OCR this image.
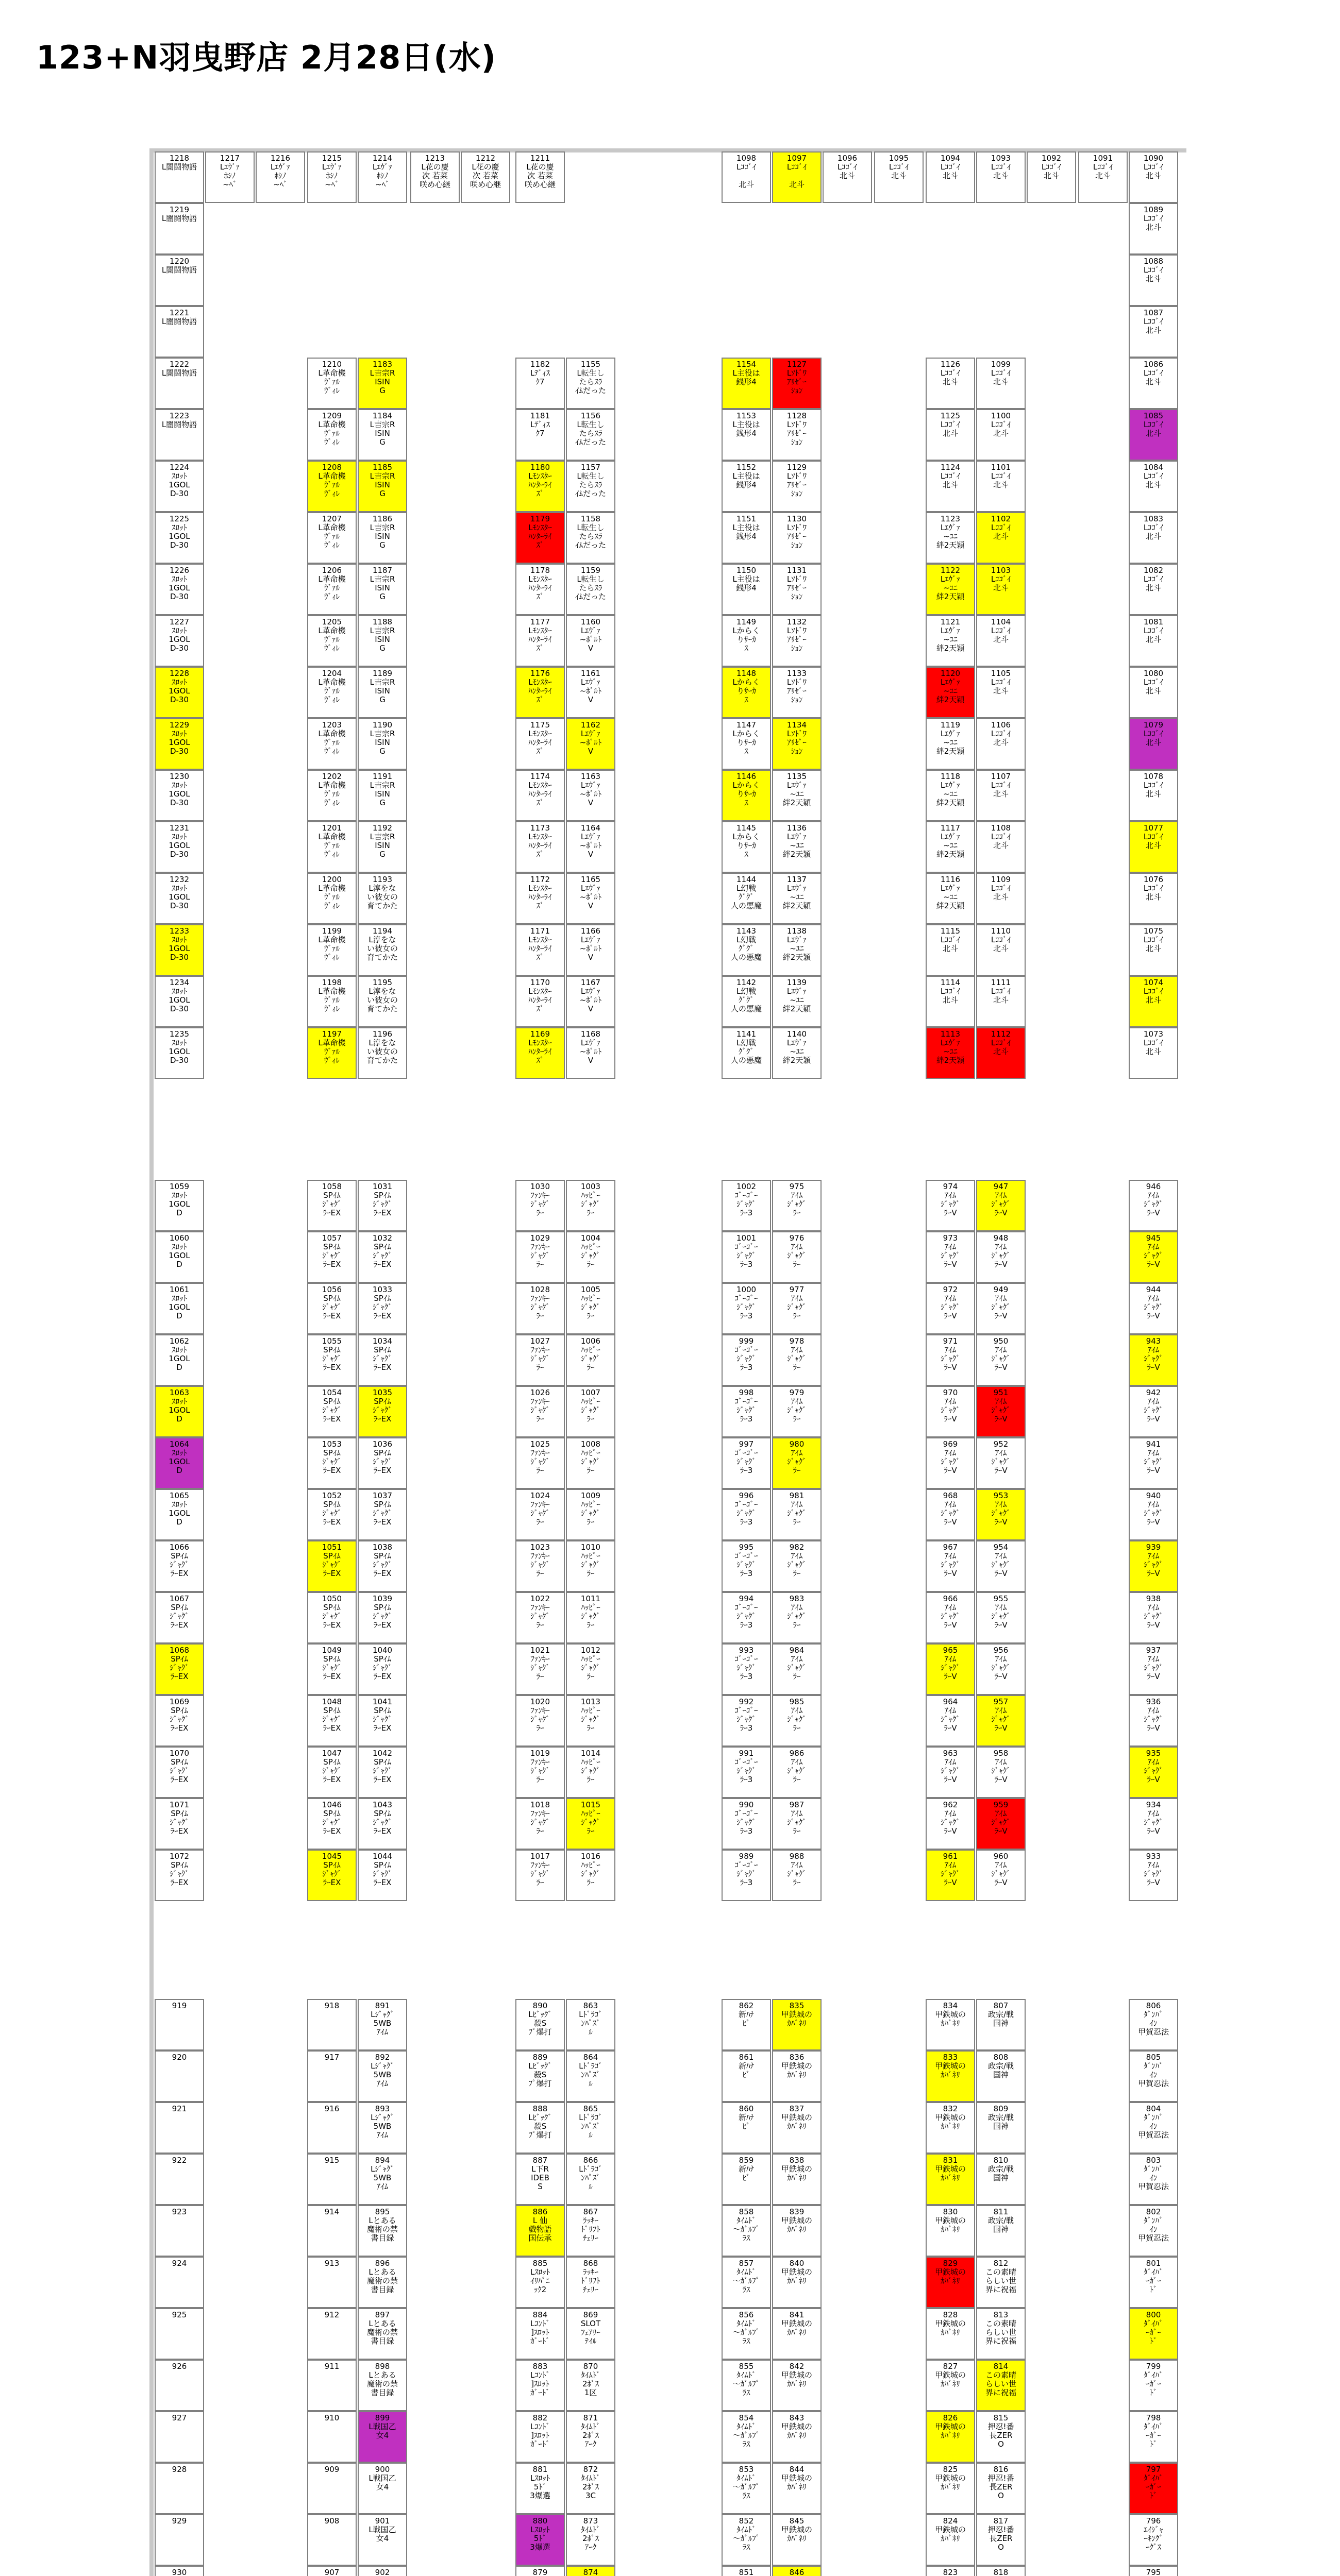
123+N羽曳野店 2月28日(水)
1218
L闇闘物語
1217
Lｴｳﾞｧ
ﾎｼﾉ
~ﾍﾞ
1216
Lｴｳﾞｧ
ﾎｼﾉ
~ﾍﾞ
1215
Lｴｳﾞｧ
ﾎｼﾉ
~ﾍﾞ
1214
Lｴｳﾞｧ
ﾎｼﾉ
~ﾍﾞ
1213
L花の慶
次 若菜
咲め心継
1212
L花の慶
次 若菜
咲め心継
1211
L花の慶
次 若菜
咲め心継
1098
Lｺｺﾞｲ

北斗
1097
Lｺｺﾞｲ

北斗
1096
Lｺｺﾞｲ
北斗
1095
Lｺｺﾞｲ
北斗
1094
Lｺｺﾞｲ
北斗
1093
Lｺｺﾞｲ
北斗
1092
Lｺｺﾞｲ
北斗
1091
Lｺｺﾞｲ
北斗
1090
Lｺｺﾞｲ
北斗
1219
L闇闘物語
1220
L闇闘物語
1221
L闇闘物語
1222
L闇闘物語
1223
L闇闘物語
1224
ｽﾛｯﾄ
1GOL
D-30
1225
ｽﾛｯﾄ
1GOL
D-30
1226
ｽﾛｯﾄ
1GOL
D-30
1227
ｽﾛｯﾄ
1GOL
D-30
1228
ｽﾛｯﾄ
1GOL
D-30
1229
ｽﾛｯﾄ
1GOL
D-30
1230
ｽﾛｯﾄ
1GOL
D-30
1231
ｽﾛｯﾄ
1GOL
D-30
1232
ｽﾛｯﾄ
1GOL
D-30
1233
ｽﾛｯﾄ
1GOL
D-30
1234
ｽﾛｯﾄ
1GOL
D-30
1235
ｽﾛｯﾄ
1GOL
D-30
1089
Lｺｺﾞｲ
北斗
1088
Lｺｺﾞｲ
北斗
1087
Lｺｺﾞｲ
北斗
1086
Lｺｺﾞｲ
北斗
1085
Lｺｺﾞｲ
北斗
1084
Lｺｺﾞｲ
北斗
1083
Lｺｺﾞｲ
北斗
1082
Lｺｺﾞｲ
北斗
1081
Lｺｺﾞｲ
北斗
1080
Lｺｺﾞｲ
北斗
1079
Lｺｺﾞｲ
北斗
1078
Lｺｺﾞｲ
北斗
1077
Lｺｺﾞｲ
北斗
1076
Lｺｺﾞｲ
北斗
1075
Lｺｺﾞｲ
北斗
1074
Lｺｺﾞｲ
北斗
1073
Lｺｺﾞｲ
北斗
1210
L革命機
ｳﾞｧﾙ
ｳﾞｨﾚ
1183
L吉宗R
ISIN
G
1209
L革命機
ｳﾞｧﾙ
ｳﾞｨﾚ
1184
L吉宗R
ISIN
G
1208
L革命機
ｳﾞｧﾙ
ｳﾞｨﾚ
1185
L吉宗R
ISIN
G
1207
L革命機
ｳﾞｧﾙ
ｳﾞｨﾚ
1186
L吉宗R
ISIN
G
1206
L革命機
ｳﾞｧﾙ
ｳﾞｨﾚ
1187
L吉宗R
ISIN
G
1205
L革命機
ｳﾞｧﾙ
ｳﾞｨﾚ
1188
L吉宗R
ISIN
G
1204
L革命機
ｳﾞｧﾙ
ｳﾞｨﾚ
1189
L吉宗R
ISIN
G
1203
L革命機
ｳﾞｧﾙ
ｳﾞｨﾚ
1190
L吉宗R
ISIN
G
1202
L革命機
ｳﾞｧﾙ
ｳﾞｨﾚ
1191
L吉宗R
ISIN
G
1201
L革命機
ｳﾞｧﾙ
ｳﾞｨﾚ
1192
L吉宗R
ISIN
G
1200
L革命機
ｳﾞｧﾙ
ｳﾞｨﾚ
1193
L淳をな
い彼女の
育てかた
1199
L革命機
ｳﾞｧﾙ
ｳﾞｨﾚ
1194
L淳をな
い彼女の
育てかた
1198
L革命機
ｳﾞｧﾙ
ｳﾞｨﾚ
1195
L淳をな
い彼女の
育てかた
1197
L革命機
ｳﾞｧﾙ
ｳﾞｨﾚ
1196
L淳をな
い彼女の
育てかた
1182
Lﾃﾞｨｽ
ｸ7
1155
L転生し
たらｽﾗ
ｲﾑだった
1181
Lﾃﾞｨｽ
ｸ7
1156
L転生し
たらｽﾗ
ｲﾑだった
1180
Lﾓﾝｽﾀｰ
ﾊﾝﾀｰﾗｲ
ｽﾞ
1157
L転生し
たらｽﾗ
ｲﾑだった
1179
Lﾓﾝｽﾀｰ
ﾊﾝﾀｰﾗｲ
ｽﾞ
1158
L転生し
たらｽﾗ
ｲﾑだった
1178
Lﾓﾝｽﾀｰ
ﾊﾝﾀｰﾗｲ
ｽﾞ
1159
L転生し
たらｽﾗ
ｲﾑだった
1177
Lﾓﾝｽﾀｰ
ﾊﾝﾀｰﾗｲ
ｽﾞ
1160
Lｴｳﾞｧ
~ﾎﾞﾙﾄ
V
1176
Lﾓﾝｽﾀｰ
ﾊﾝﾀｰﾗｲ
ｽﾞ
1161
Lｴｳﾞｧ
~ﾎﾞﾙﾄ
V
1175
Lﾓﾝｽﾀｰ
ﾊﾝﾀｰﾗｲ
ｽﾞ
1162
Lｴｳﾞｧ
~ﾎﾞﾙﾄ
V
1174
Lﾓﾝｽﾀｰ
ﾊﾝﾀｰﾗｲ
ｽﾞ
1163
Lｴｳﾞｧ
~ﾎﾞﾙﾄ
V
1173
Lﾓﾝｽﾀｰ
ﾊﾝﾀｰﾗｲ
ｽﾞ
1164
Lｴｳﾞｧ
~ﾎﾞﾙﾄ
V
1172
Lﾓﾝｽﾀｰ
ﾊﾝﾀｰﾗｲ
ｽﾞ
1165
Lｴｳﾞｧ
~ﾎﾞﾙﾄ
V
1171
Lﾓﾝｽﾀｰ
ﾊﾝﾀｰﾗｲ
ｽﾞ
1166
Lｴｳﾞｧ
~ﾎﾞﾙﾄ
V
1170
Lﾓﾝｽﾀｰ
ﾊﾝﾀｰﾗｲ
ｽﾞ
1167
Lｴｳﾞｧ
~ﾎﾞﾙﾄ
V
1169
Lﾓﾝｽﾀｰ
ﾊﾝﾀｰﾗｲ
ｽﾞ
1168
Lｴｳﾞｧ
~ﾎﾞﾙﾄ
V
1154
L主役は
銭形4
1127
Lｿﾄﾞﾜ
ｱﾘｾﾞｰ
ｼｮﾝ
1153
L主役は
銭形4
1128
Lｿﾄﾞﾜ
ｱﾘｾﾞｰ
ｼｮﾝ
1152
L主役は
銭形4
1129
Lｿﾄﾞﾜ
ｱﾘｾﾞｰ
ｼｮﾝ
1151
L主役は
銭形4
1130
Lｿﾄﾞﾜ
ｱﾘｾﾞｰ
ｼｮﾝ
1150
L主役は
銭形4
1131
Lｿﾄﾞﾜ
ｱﾘｾﾞｰ
ｼｮﾝ
1149
Lからく
りｻｰｶ
ｽ
1132
Lｿﾄﾞﾜ
ｱﾘｾﾞｰ
ｼｮﾝ
1148
Lからく
りｻｰｶ
ｽ
1133
Lｿﾄﾞﾜ
ｱﾘｾﾞｰ
ｼｮﾝ
1147
Lからく
りｻｰｶ
ｽ
1134
Lｿﾄﾞﾜ
ｱﾘｾﾞｰ
ｼｮﾝ
1146
Lからく
りｻｰｶ
ｽ
1135
Lｴｳﾞｧ
~ﾕﾆ
絆2天穎
1145
Lからく
りｻｰｶ
ｽ
1136
Lｴｳﾞｧ
~ﾕﾆ
絆2天穎
1144
L幻戦
ｸﾞｸﾞ
人の悪魔
1137
Lｴｳﾞｧ
~ﾕﾆ
絆2天穎
1143
L幻戦
ｸﾞｸﾞ
人の悪魔
1138
Lｴｳﾞｧ
~ﾕﾆ
絆2天穎
1142
L幻戦
ｸﾞｸﾞ
人の悪魔
1139
Lｴｳﾞｧ
~ﾕﾆ
絆2天穎
1141
L幻戦
ｸﾞｸﾞ
人の悪魔
1140
Lｴｳﾞｧ
~ﾕﾆ
絆2天穎
1126
Lｺｺﾞｲ
北斗
1099
Lｺｺﾞｲ
北斗
1125
Lｺｺﾞｲ
北斗
1100
Lｺｺﾞｲ
北斗
1124
Lｺｺﾞｲ
北斗
1101
Lｺｺﾞｲ
北斗
1123
Lｴｳﾞｧ
~ﾕﾆ
絆2天穎
1102
Lｺｺﾞｲ
北斗
1122
Lｴｳﾞｧ
~ﾕﾆ
絆2天穎
1103
Lｺｺﾞｲ
北斗
1121
Lｴｳﾞｧ
~ﾕﾆ
絆2天穎
1104
Lｺｺﾞｲ
北斗
1120
Lｴｳﾞｧ
~ﾕﾆ
絆2天穎
1105
Lｺｺﾞｲ
北斗
1119
Lｴｳﾞｧ
~ﾕﾆ
絆2天穎
1106
Lｺｺﾞｲ
北斗
1118
Lｴｳﾞｧ
~ﾕﾆ
絆2天穎
1107
Lｺｺﾞｲ
北斗
1117
Lｴｳﾞｧ
~ﾕﾆ
絆2天穎
1108
Lｺｺﾞｲ
北斗
1116
Lｴｳﾞｧ
~ﾕﾆ
絆2天穎
1109
Lｺｺﾞｲ
北斗
1115
Lｺｺﾞｲ
北斗
1110
Lｺｺﾞｲ
北斗
1114
Lｺｺﾞｲ
北斗
1111
Lｺｺﾞｲ
北斗
1113
Lｴｳﾞｧ
~ﾕﾆ
絆2天穎
1112
Lｺｺﾞｲ
北斗
1059
ｽﾛｯﾄ
1GOL
D
1060
ｽﾛｯﾄ
1GOL
D
1061
ｽﾛｯﾄ
1GOL
D
1062
ｽﾛｯﾄ
1GOL
D
1063
ｽﾛｯﾄ
1GOL
D
1064
ｽﾛｯﾄ
1GOL
D
1065
ｽﾛｯﾄ
1GOL
D
1066
SPｲﾑ
ｼﾞｬｸﾞ
ﾗｰEX
1067
SPｲﾑ
ｼﾞｬｸﾞ
ﾗｰEX
1068
SPｲﾑ
ｼﾞｬｸﾞ
ﾗｰEX
1069
SPｲﾑ
ｼﾞｬｸﾞ
ﾗｰEX
1070
SPｲﾑ
ｼﾞｬｸﾞ
ﾗｰEX
1071
SPｲﾑ
ｼﾞｬｸﾞ
ﾗｰEX
1072
SPｲﾑ
ｼﾞｬｸﾞ
ﾗｰEX
946
ｱｲﾑ
ｼﾞｬｸﾞ
ﾗｰV
945
ｱｲﾑ
ｼﾞｬｸﾞ
ﾗｰV
944
ｱｲﾑ
ｼﾞｬｸﾞ
ﾗｰV
943
ｱｲﾑ
ｼﾞｬｸﾞ
ﾗｰV
942
ｱｲﾑ
ｼﾞｬｸﾞ
ﾗｰV
941
ｱｲﾑ
ｼﾞｬｸﾞ
ﾗｰV
940
ｱｲﾑ
ｼﾞｬｸﾞ
ﾗｰV
939
ｱｲﾑ
ｼﾞｬｸﾞ
ﾗｰV
938
ｱｲﾑ
ｼﾞｬｸﾞ
ﾗｰV
937
ｱｲﾑ
ｼﾞｬｸﾞ
ﾗｰV
936
ｱｲﾑ
ｼﾞｬｸﾞ
ﾗｰV
935
ｱｲﾑ
ｼﾞｬｸﾞ
ﾗｰV
934
ｱｲﾑ
ｼﾞｬｸﾞ
ﾗｰV
933
ｱｲﾑ
ｼﾞｬｸﾞ
ﾗｰV
1058
SPｲﾑ
ｼﾞｬｸﾞ
ﾗｰEX
1031
SPｲﾑ
ｼﾞｬｸﾞ
ﾗｰEX
1057
SPｲﾑ
ｼﾞｬｸﾞ
ﾗｰEX
1032
SPｲﾑ
ｼﾞｬｸﾞ
ﾗｰEX
1056
SPｲﾑ
ｼﾞｬｸﾞ
ﾗｰEX
1033
SPｲﾑ
ｼﾞｬｸﾞ
ﾗｰEX
1055
SPｲﾑ
ｼﾞｬｸﾞ
ﾗｰEX
1034
SPｲﾑ
ｼﾞｬｸﾞ
ﾗｰEX
1054
SPｲﾑ
ｼﾞｬｸﾞ
ﾗｰEX
1035
SPｲﾑ
ｼﾞｬｸﾞ
ﾗｰEX
1053
SPｲﾑ
ｼﾞｬｸﾞ
ﾗｰEX
1036
SPｲﾑ
ｼﾞｬｸﾞ
ﾗｰEX
1052
SPｲﾑ
ｼﾞｬｸﾞ
ﾗｰEX
1037
SPｲﾑ
ｼﾞｬｸﾞ
ﾗｰEX
1051
SPｲﾑ
ｼﾞｬｸﾞ
ﾗｰEX
1038
SPｲﾑ
ｼﾞｬｸﾞ
ﾗｰEX
1050
SPｲﾑ
ｼﾞｬｸﾞ
ﾗｰEX
1039
SPｲﾑ
ｼﾞｬｸﾞ
ﾗｰEX
1049
SPｲﾑ
ｼﾞｬｸﾞ
ﾗｰEX
1040
SPｲﾑ
ｼﾞｬｸﾞ
ﾗｰEX
1048
SPｲﾑ
ｼﾞｬｸﾞ
ﾗｰEX
1041
SPｲﾑ
ｼﾞｬｸﾞ
ﾗｰEX
1047
SPｲﾑ
ｼﾞｬｸﾞ
ﾗｰEX
1042
SPｲﾑ
ｼﾞｬｸﾞ
ﾗｰEX
1046
SPｲﾑ
ｼﾞｬｸﾞ
ﾗｰEX
1043
SPｲﾑ
ｼﾞｬｸﾞ
ﾗｰEX
1045
SPｲﾑ
ｼﾞｬｸﾞ
ﾗｰEX
1044
SPｲﾑ
ｼﾞｬｸﾞ
ﾗｰEX
1030
ﾌｧﾝｷｰ
ｼﾞｬｸﾞ
ﾗｰ
1003
ﾊｯﾋﾟｰ
ｼﾞｬｸﾞ
ﾗｰ
1029
ﾌｧﾝｷｰ
ｼﾞｬｸﾞ
ﾗｰ
1004
ﾊｯﾋﾟｰ
ｼﾞｬｸﾞ
ﾗｰ
1028
ﾌｧﾝｷｰ
ｼﾞｬｸﾞ
ﾗｰ
1005
ﾊｯﾋﾟｰ
ｼﾞｬｸﾞ
ﾗｰ
1027
ﾌｧﾝｷｰ
ｼﾞｬｸﾞ
ﾗｰ
1006
ﾊｯﾋﾟｰ
ｼﾞｬｸﾞ
ﾗｰ
1026
ﾌｧﾝｷｰ
ｼﾞｬｸﾞ
ﾗｰ
1007
ﾊｯﾋﾟｰ
ｼﾞｬｸﾞ
ﾗｰ
1025
ﾌｧﾝｷｰ
ｼﾞｬｸﾞ
ﾗｰ
1008
ﾊｯﾋﾟｰ
ｼﾞｬｸﾞ
ﾗｰ
1024
ﾌｧﾝｷｰ
ｼﾞｬｸﾞ
ﾗｰ
1009
ﾊｯﾋﾟｰ
ｼﾞｬｸﾞ
ﾗｰ
1023
ﾌｧﾝｷｰ
ｼﾞｬｸﾞ
ﾗｰ
1010
ﾊｯﾋﾟｰ
ｼﾞｬｸﾞ
ﾗｰ
1022
ﾌｧﾝｷｰ
ｼﾞｬｸﾞ
ﾗｰ
1011
ﾊｯﾋﾟｰ
ｼﾞｬｸﾞ
ﾗｰ
1021
ﾌｧﾝｷｰ
ｼﾞｬｸﾞ
ﾗｰ
1012
ﾊｯﾋﾟｰ
ｼﾞｬｸﾞ
ﾗｰ
1020
ﾌｧﾝｷｰ
ｼﾞｬｸﾞ
ﾗｰ
1013
ﾊｯﾋﾟｰ
ｼﾞｬｸﾞ
ﾗｰ
1019
ﾌｧﾝｷｰ
ｼﾞｬｸﾞ
ﾗｰ
1014
ﾊｯﾋﾟｰ
ｼﾞｬｸﾞ
ﾗｰ
1018
ﾌｧﾝｷｰ
ｼﾞｬｸﾞ
ﾗｰ
1015
ﾊｯﾋﾟｰ
ｼﾞｬｸﾞ
ﾗｰ
1017
ﾌｧﾝｷｰ
ｼﾞｬｸﾞ
ﾗｰ
1016
ﾊｯﾋﾟｰ
ｼﾞｬｸﾞ
ﾗｰ
1002
ｺﾞｰｺﾞｰ
ｼﾞｬｸﾞ
ﾗｰ3
975
ｱｲﾑ
ｼﾞｬｸﾞ
ﾗｰ
1001
ｺﾞｰｺﾞｰ
ｼﾞｬｸﾞ
ﾗｰ3
976
ｱｲﾑ
ｼﾞｬｸﾞ
ﾗｰ
1000
ｺﾞｰｺﾞｰ
ｼﾞｬｸﾞ
ﾗｰ3
977
ｱｲﾑ
ｼﾞｬｸﾞ
ﾗｰ
999
ｺﾞｰｺﾞｰ
ｼﾞｬｸﾞ
ﾗｰ3
978
ｱｲﾑ
ｼﾞｬｸﾞ
ﾗｰ
998
ｺﾞｰｺﾞｰ
ｼﾞｬｸﾞ
ﾗｰ3
979
ｱｲﾑ
ｼﾞｬｸﾞ
ﾗｰ
997
ｺﾞｰｺﾞｰ
ｼﾞｬｸﾞ
ﾗｰ3
980
ｱｲﾑ
ｼﾞｬｸﾞ
ﾗｰ
996
ｺﾞｰｺﾞｰ
ｼﾞｬｸﾞ
ﾗｰ3
981
ｱｲﾑ
ｼﾞｬｸﾞ
ﾗｰ
995
ｺﾞｰｺﾞｰ
ｼﾞｬｸﾞ
ﾗｰ3
982
ｱｲﾑ
ｼﾞｬｸﾞ
ﾗｰ
994
ｺﾞｰｺﾞｰ
ｼﾞｬｸﾞ
ﾗｰ3
983
ｱｲﾑ
ｼﾞｬｸﾞ
ﾗｰ
993
ｺﾞｰｺﾞｰ
ｼﾞｬｸﾞ
ﾗｰ3
984
ｱｲﾑ
ｼﾞｬｸﾞ
ﾗｰ
992
ｺﾞｰｺﾞｰ
ｼﾞｬｸﾞ
ﾗｰ3
985
ｱｲﾑ
ｼﾞｬｸﾞ
ﾗｰ
991
ｺﾞｰｺﾞｰ
ｼﾞｬｸﾞ
ﾗｰ3
986
ｱｲﾑ
ｼﾞｬｸﾞ
ﾗｰ
990
ｺﾞｰｺﾞｰ
ｼﾞｬｸﾞ
ﾗｰ3
987
ｱｲﾑ
ｼﾞｬｸﾞ
ﾗｰ
989
ｺﾞｰｺﾞｰ
ｼﾞｬｸﾞ
ﾗｰ3
988
ｱｲﾑ
ｼﾞｬｸﾞ
ﾗｰ
974
ｱｲﾑ
ｼﾞｬｸﾞ
ﾗｰV
947
ｱｲﾑ
ｼﾞｬｸﾞ
ﾗｰV
973
ｱｲﾑ
ｼﾞｬｸﾞ
ﾗｰV
948
ｱｲﾑ
ｼﾞｬｸﾞ
ﾗｰV
972
ｱｲﾑ
ｼﾞｬｸﾞ
ﾗｰV
949
ｱｲﾑ
ｼﾞｬｸﾞ
ﾗｰV
971
ｱｲﾑ
ｼﾞｬｸﾞ
ﾗｰV
950
ｱｲﾑ
ｼﾞｬｸﾞ
ﾗｰV
970
ｱｲﾑ
ｼﾞｬｸﾞ
ﾗｰV
951
ｱｲﾑ
ｼﾞｬｸﾞ
ﾗｰV
969
ｱｲﾑ
ｼﾞｬｸﾞ
ﾗｰV
952
ｱｲﾑ
ｼﾞｬｸﾞ
ﾗｰV
968
ｱｲﾑ
ｼﾞｬｸﾞ
ﾗｰV
953
ｱｲﾑ
ｼﾞｬｸﾞ
ﾗｰV
967
ｱｲﾑ
ｼﾞｬｸﾞ
ﾗｰV
954
ｱｲﾑ
ｼﾞｬｸﾞ
ﾗｰV
966
ｱｲﾑ
ｼﾞｬｸﾞ
ﾗｰV
955
ｱｲﾑ
ｼﾞｬｸﾞ
ﾗｰV
965
ｱｲﾑ
ｼﾞｬｸﾞ
ﾗｰV
956
ｱｲﾑ
ｼﾞｬｸﾞ
ﾗｰV
964
ｱｲﾑ
ｼﾞｬｸﾞ
ﾗｰV
957
ｱｲﾑ
ｼﾞｬｸﾞ
ﾗｰV
963
ｱｲﾑ
ｼﾞｬｸﾞ
ﾗｰV
958
ｱｲﾑ
ｼﾞｬｸﾞ
ﾗｰV
962
ｱｲﾑ
ｼﾞｬｸﾞ
ﾗｰV
959
ｱｲﾑ
ｼﾞｬｸﾞ
ﾗｰV
961
ｱｲﾑ
ｼﾞｬｸﾞ
ﾗｰV
960
ｱｲﾑ
ｼﾞｬｸﾞ
ﾗｰV
919
920
921
922
923
924
925
926
927
928
929
930
806
ﾀﾞﾝﾊﾞ
ｲﾝ
甲賀忍法
805
ﾀﾞﾝﾊﾞ
ｲﾝ
甲賀忍法
804
ﾀﾞﾝﾊﾞ
ｲﾝ
甲賀忍法
803
ﾀﾞﾝﾊﾞ
ｲﾝ
甲賀忍法
802
ﾀﾞﾝﾊﾞ
ｲﾝ
甲賀忍法
801
ﾀﾞｲﾊﾞ
ｰｶﾞｰ
ﾄﾞ
800
ﾀﾞｲﾊﾞ
ｰｶﾞｰ
ﾄﾞ
799
ﾀﾞｲﾊﾞ
ｰｶﾞｰ
ﾄﾞ
798
ﾀﾞｲﾊﾞ
ｰｶﾞｰ
ﾄﾞ
797
ﾀﾞｲﾊﾞ
ｰｶﾞｰ
ﾄﾞ
796
ｴｲｼﾞｬ
ｰｷﾝｸﾞ
ｰｸﾞｽ
795
918	891
Lｼﾞｬｸﾞ
5WB
ｱｲﾑ
917	892
Lｼﾞｬｸﾞ
5WB
ｱｲﾑ
916	893
Lｼﾞｬｸﾞ
5WB
ｱｲﾑ
915	894
Lｼﾞｬｸﾞ
5WB
ｱｲﾑ
914	895
Lとある
魔術の禁
書目録
913	896
Lとある
魔術の禁
書目録
912	897
Lとある
魔術の禁
書目録
911	898
Lとある
魔術の禁
書目録
910	899
L戦国乙
女4
909	900
L戦国乙
女4
908	901
L戦国乙
女4
907	902
890
Lﾋﾞｯｸﾞ
殺S
ﾌﾟ爆打
863
Lﾄﾞﾗｺﾞ
ﾝﾊﾟｽﾞ
ﾙ
889
Lﾋﾞｯｸﾞ
殺S
ﾌﾟ爆打
864
Lﾄﾞﾗｺﾞ
ﾝﾊﾟｽﾞ
ﾙ
888
Lﾋﾞｯｸﾞ
殺S
ﾌﾟ爆打
865
Lﾄﾞﾗｺﾞ
ﾝﾊﾟｽﾞ
ﾙ
887
L下R
IDEB
S
866
Lﾄﾞﾗｺﾞ
ﾝﾊﾟｽﾞ
ﾙ
886
L 仙
戯物語
国伝承
867
ﾗｯｷｰ
ﾄﾞﾘﾌﾄ
ﾁｪﾘｰ
885
Lｽﾛｯﾄ
ｲﾘﾊﾟﾆ
ｯｸ2
868
ﾗｯｷｰ
ﾄﾞﾘﾌﾄ
ﾁｪﾘｰ
884
Lｺﾝﾄﾞ
]ｽﾛｯﾄ
ｶﾞｰﾄﾞ
869
SLOT
ﾌｪｱﾘｰ
ﾃｲﾙ
883
Lｺﾝﾄﾞ
]ｽﾛｯﾄ
ｶﾞｰﾄﾞ
870
ﾀｲﾑﾄﾞ
2ﾎﾞｽ
1区
882
Lｺﾝﾄﾞ
]ｽﾛｯﾄ
ｶﾞｰﾄﾞ
871
ﾀｲﾑﾄﾞ
2ﾎﾞｽ
ｱｰｸ
881
Lｽﾛｯﾄ
5ﾄﾞ
3爆選
872
ﾀｲﾑﾄﾞ
2ﾎﾞｽ
3C
880
Lｽﾛｯﾄ
5ﾄﾞ
3爆選
873
ﾀｲﾑﾄﾞ
2ﾎﾞｽ
ｱｰｸ
879	874
862
新ﾊﾅ
ﾋﾞ
835
甲鉄城の
ｶﾊﾞﾈﾘ
861
新ﾊﾅ
ﾋﾞ
836
甲鉄城の
ｶﾊﾞﾈﾘ
860
新ﾊﾅ
ﾋﾞ
837
甲鉄城の
ｶﾊﾞﾈﾘ
859
新ﾊﾅ
ﾋﾞ
838
甲鉄城の
ｶﾊﾞﾈﾘ
858
ﾀｲﾑﾄﾞ
〜ｶﾞﾙﾌﾟ
ﾗｽ
839
甲鉄城の
ｶﾊﾞﾈﾘ
857
ﾀｲﾑﾄﾞ
〜ｶﾞﾙﾌﾟ
ﾗｽ
840
甲鉄城の
ｶﾊﾞﾈﾘ
856
ﾀｲﾑﾄﾞ
〜ｶﾞﾙﾌﾟ
ﾗｽ
841
甲鉄城の
ｶﾊﾞﾈﾘ
855
ﾀｲﾑﾄﾞ
〜ｶﾞﾙﾌﾟ
ﾗｽ
842
甲鉄城の
ｶﾊﾞﾈﾘ
854
ﾀｲﾑﾄﾞ
〜ｶﾞﾙﾌﾟ
ﾗｽ
843
甲鉄城の
ｶﾊﾞﾈﾘ
853
ﾀｲﾑﾄﾞ
〜ｶﾞﾙﾌﾟ
ﾗｽ
844
甲鉄城の
ｶﾊﾞﾈﾘ
852
ﾀｲﾑﾄﾞ
〜ｶﾞﾙﾌﾟ
ﾗｽ
845
甲鉄城の
ｶﾊﾞﾈﾘ
851	846
834
甲鉄城の
ｶﾊﾞﾈﾘ
807
政宗/戦
国神
833
甲鉄城の
ｶﾊﾞﾈﾘ
808
政宗/戦
国神
832
甲鉄城の
ｶﾊﾞﾈﾘ
809
政宗/戦
国神
831
甲鉄城の
ｶﾊﾞﾈﾘ
810
政宗/戦
国神
830
甲鉄城の
ｶﾊﾞﾈﾘ
811
政宗/戦
国神
829
甲鉄城の
ｶﾊﾞﾈﾘ
812
この素晴
らしい世
界に祝福
828
甲鉄城の
ｶﾊﾞﾈﾘ
813
この素晴
らしい世
界に祝福
827
甲鉄城の
ｶﾊﾞﾈﾘ
814
この素晴
らしい世
界に祝福
826
甲鉄城の
ｶﾊﾞﾈﾘ
815
押忍!番
長ZER
O
825
甲鉄城の
ｶﾊﾞﾈﾘ
816
押忍!番
長ZER
O
824
甲鉄城の
ｶﾊﾞﾈﾘ
817
押忍!番
長ZER
O
823	818
